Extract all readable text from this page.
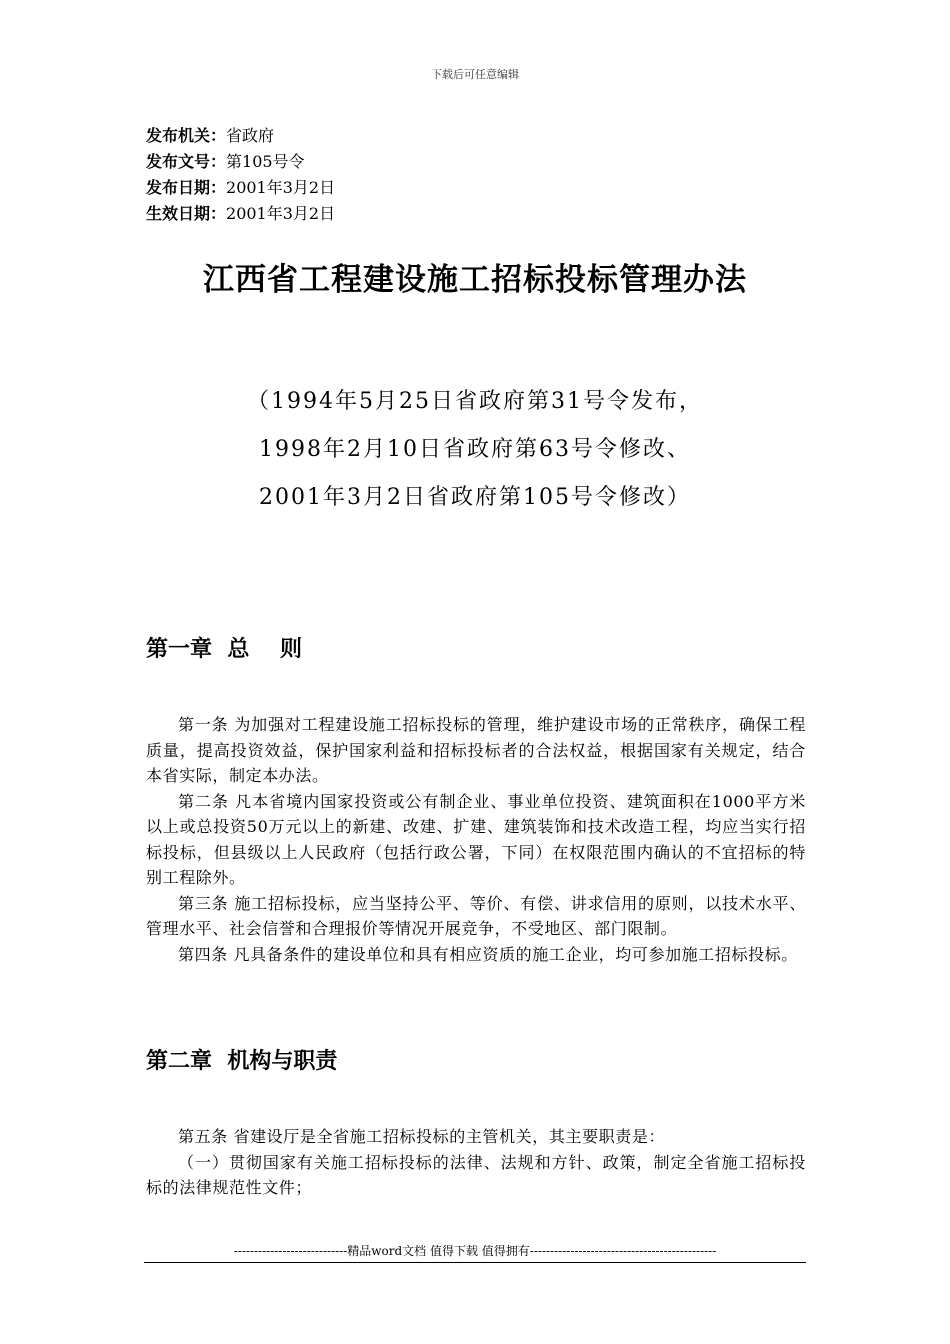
下载后可任意编辑
发布机关：省政府
发布文号：第105号令
发布日期：2001年3月2日
生效日期：2001年3月2日
江西省工程建设施工招标投标管理办法
（1994年5月25日省政府第31号令发布，
1998年2月10日省政府第63号令修改、
2001年3月2日省政府第105号令修改）
第一章  总    则

第一条 为加强对工程建设施工招标投标的管理，维护建设市场的正常秩序，确保工程质量，提高投资效益，保护国家利益和招标投标者的合法权益，根据国家有关规定，结合本省实际，制定本办法。

第二条 凡本省境内国家投资或公有制企业、事业单位投资、建筑面积在1000平方米以上或总投资50万元以上的新建、改建、扩建、建筑装饰和技术改造工程，均应当实行招标投标，但县级以上人民政府（包括行政公署，下同）在权限范围内确认的不宜招标的特别工程除外。

第三条 施工招标投标，应当坚持公平、等价、有偿、讲求信用的原则，以技术水平、管理水平、社会信誉和合理报价等情况开展竞争，不受地区、部门限制。

第四条 凡具备条件的建设单位和具有相应资质的施工企业，均可参加施工招标投标。

第二章  机构与职责

第五条 省建设厅是全省施工招标投标的主管机关，其主要职责是：

（一）贯彻国家有关施工招标投标的法律、法规和方针、政策，制定全省施工招标投标的法律规范性文件；

----------------------------精品word文档 值得下载 值得拥有----------------------------------------------
